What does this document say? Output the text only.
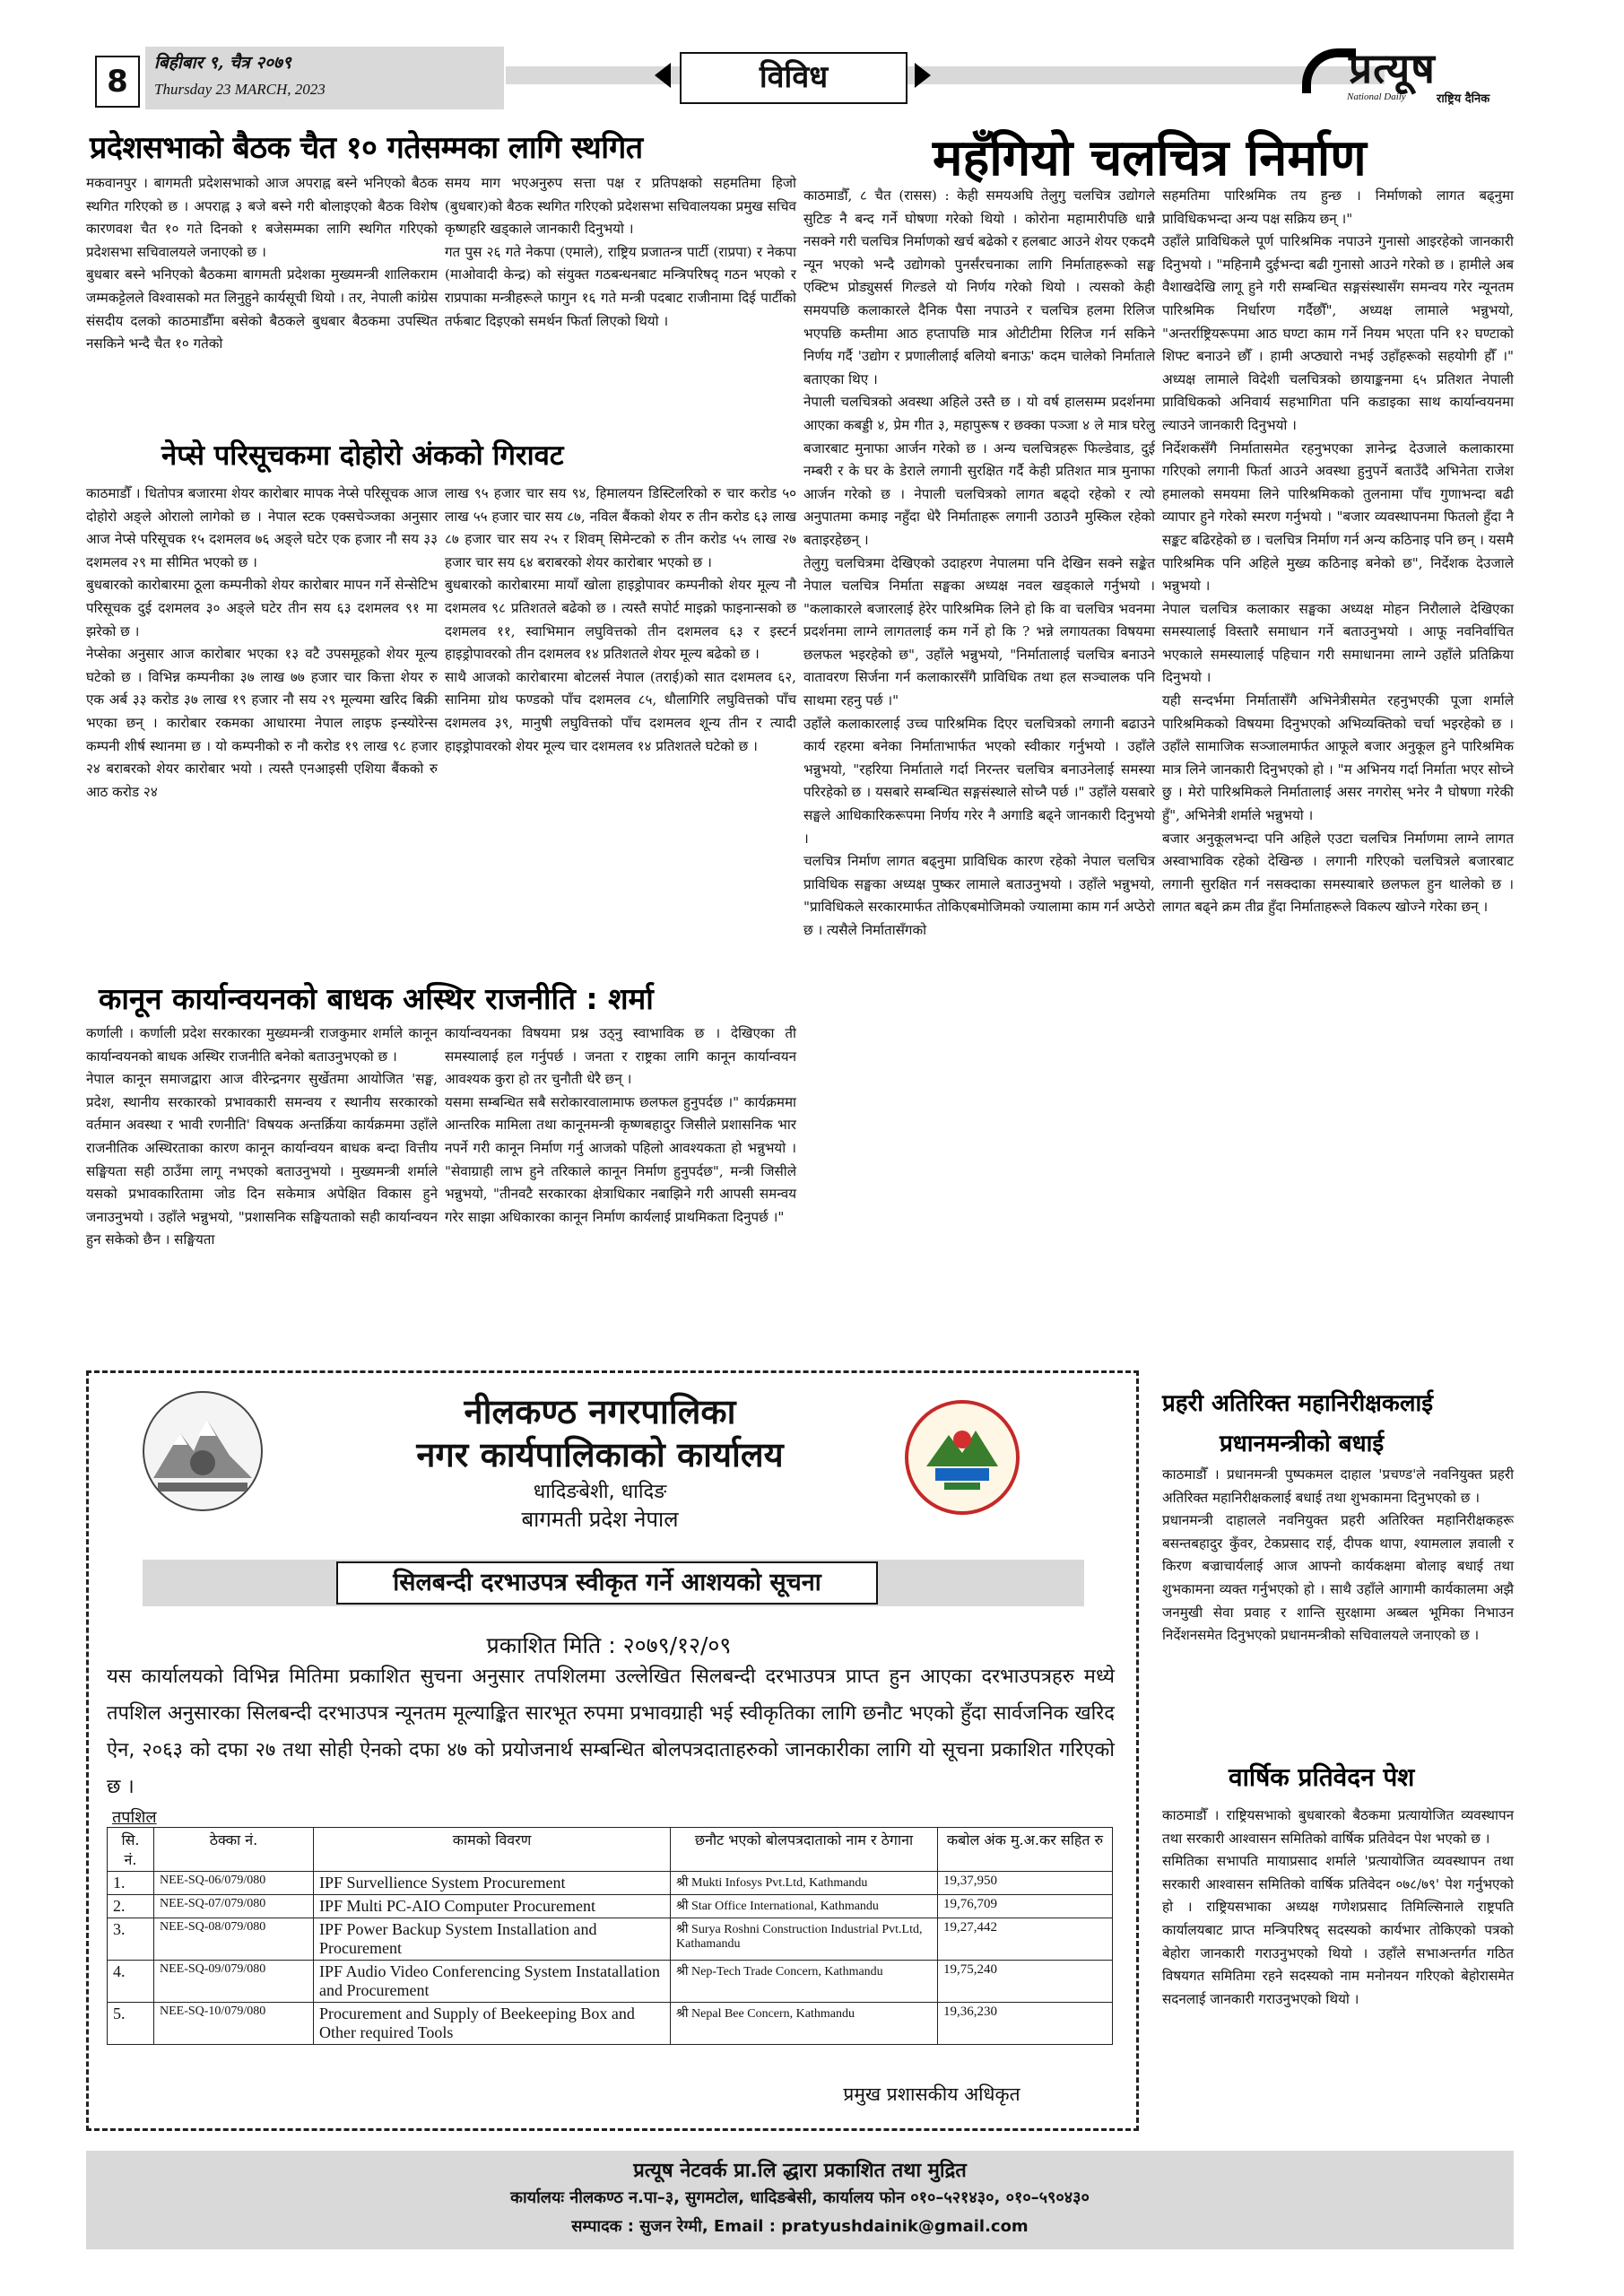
8
बिहीबार ९, चैत्र २०७९
Thursday 23 MARCH, 2023	विविध	प्रत्यूष
National Daily	राष्ट्रिय दैनिक
प्रदेशसभाको बैठक चैत १० गतेसम्मका लागि स्थगित
मकवानपुर । बागमती प्रदेशसभाको आज अपराह्न बस्ने भनिएको बैठक स्थगित गरिएको छ । अपराह्न ३ बजे बस्ने गरी बोलाइएको बैठक विशेष कारणवश चैत १० गते दिनको १ बजेसम्मका लागि स्थगित गरिएको प्रदेशसभा सचिवालयले जनाएको छ ।
बुधबार बस्ने भनिएको बैठकमा बागमती प्रदेशका मुख्यमन्त्री शालिकराम जम्मकट्टेलले विश्वासको मत लिनुहुने कार्यसूची थियो । तर, नेपाली कांग्रेस संसदीय दलको काठमाडौँमा बसेको बैठकले बुधबार बैठकमा उपस्थित नसकिने भन्दै चैत १० गतेको
समय माग भएअनुरुप सत्ता पक्ष र प्रतिपक्षको सहमतिमा हिजो (बुधबार)को बैठक स्थगित गरिएको प्रदेशसभा सचिवालयका प्रमुख सचिव कृष्णहरि खड्काले जानकारी दिनुभयो ।
गत पुस २६ गते नेकपा (एमाले), राष्ट्रिय प्रजातन्त्र पार्टी (राप्रपा) र नेकपा (माओवादी केन्द्र) को संयुक्त गठबन्धनबाट मन्त्रिपरिषद् गठन भएको र राप्रपाका मन्त्रीहरूले फागुन १६ गते मन्त्री पदबाट राजीनामा दिई पार्टीको तर्फबाट दिइएको समर्थन फिर्ता लिएको थियो ।
नेप्से परिसूचकमा दोहोरो अंकको गिरावट
काठमाडौँ । धितोपत्र बजारमा शेयर कारोबार मापक नेप्से परिसूचक आज दोहोरो अङ्ले ओरालो लागेको छ । नेपाल स्टक एक्सचेञ्जका अनुसार आज नेप्से परिसूचक १५ दशमलव ७६ अङ्ले घटेर एक हजार नौ सय ३३ दशमलव २९ मा सीमित भएको छ ।
बुधबारको कारोबारमा ठूला कम्पनीको शेयर कारोबार मापन गर्ने सेन्सेटिभ परिसूचक दुई दशमलव ३० अङ्ले घटेर तीन सय ६३ दशमलव ९१ मा झरेको छ ।
नेप्सेका अनुसार आज कारोबार भएका १३ वटै उपसमूहको शेयर मूल्य घटेको छ । विभिन्न कम्पनीका ३७ लाख ७७ हजार चार कित्ता शेयर रु एक अर्ब ३३ करोड ३७ लाख १९ हजार नौ सय २९ मूल्यमा खरिद बिक्री भएका छन् । कारोबार रकमका आधारमा नेपाल लाइफ इन्स्योरेन्स कम्पनी शीर्ष स्थानमा छ । यो कम्पनीको रु नौ करोड १९ लाख ९८ हजार २४ बराबरको शेयर कारोबार भयो । त्यस्तै एनआइसी एशिया बैंकको रु आठ करोड २४
लाख ९५ हजार चार सय ९४, हिमालयन डिस्टिलरिको रु चार करोड ५० लाख ५५ हजार चार सय ८७, नविल बैंकको शेयर रु तीन करोड ६३ लाख ८७ हजार चार सय २५ र शिवम् सिमेन्टको रु तीन करोड ५५ लाख २७ हजार चार सय ६४ बराबरको शेयर कारोबार भएको छ ।
बुधबारको कारोबारमा मायाँ खोला हाइड्रोपावर कम्पनीको शेयर मूल्य नौ दशमलव ९८ प्रतिशतले बढेको छ । त्यस्तै सपोर्ट माइक्रो फाइनान्सको छ दशमलव ११, स्वाभिमान लघुवित्तको तीन दशमलव ६३ र इस्टर्न हाइड्रोपावरको तीन दशमलव १४ प्रतिशतले शेयर मूल्य बढेको छ ।
साथै आजको कारोबारमा बोटलर्स नेपाल (तराई)को सात दशमलव ६२, सानिमा ग्रोथ फण्डको पाँच दशमलव ८५, धौलागिरि लघुवित्तको पाँच दशमलव ३९, मानुषी लघुवित्तको पाँच दशमलव शून्य तीन र त्यादी हाइड्रोपावरको शेयर मूल्य चार दशमलव १४ प्रतिशतले घटेको छ ।
कानून कार्यान्वयनको बाधक अस्थिर राजनीति : शर्मा
कर्णाली । कर्णाली प्रदेश सरकारका मुख्यमन्त्री राजकुमार शर्माले कानून कार्यान्वयनको बाधक अस्थिर राजनीति बनेको बताउनुभएको छ ।
नेपाल कानून समाजद्वारा आज वीरेन्द्रनगर सुर्खेतमा आयोजित 'सङ्घ, प्रदेश, स्थानीय सरकारको प्रभावकारी समन्वय र स्थानीय सरकारको वर्तमान अवस्था र भावी रणनीति' विषयक अन्तर्क्रिया कार्यक्रममा उहाँले राजनीतिक अस्थिरताका कारण कानून कार्यान्वयन बाधक बन्दा वित्तीय सङ्घियता सही ठाउँमा लागू नभएको बताउनुभयो । मुख्यमन्त्री शर्माले यसको प्रभावकारितामा जोड दिन सकेमात्र अपेक्षित विकास हुने जनाउनुभयो । उहाँले भन्नुभयो, "प्रशासनिक सङ्घियताको सही कार्यान्वयन हुन सकेको छैन । सङ्घियता
कार्यान्वयनका विषयमा प्रश्न उठ्नु स्वाभाविक छ । देखिएका ती समस्यालाई हल गर्नुपर्छ । जनता र राष्ट्रका लागि कानून कार्यान्वयन आवश्यक कुरा हो तर चुनौती धेरै छन् ।
यसमा सम्बन्धित सबै सरोकारवालामाफ छलफल हुनुपर्दछ ।" कार्यक्रममा आन्तरिक मामिला तथा कानूनमन्त्री कृष्णबहादुर जिसीले प्रशासनिक भार नपर्ने गरी कानून निर्माण गर्नु आजको पहिलो आवश्यकता हो भन्नुभयो । "सेवाग्राही लाभ हुने तरिकाले कानून निर्माण हुनुपर्दछ", मन्त्री जिसीले भन्नुभयो, "तीनवटै सरकारका क्षेत्राधिकार नबाझिने गरी आपसी समन्वय गरेर साझा अधिकारका कानून निर्माण कार्यलाई प्राथमिकता दिनुपर्छ ।"
महँगियो चलचित्र निर्माण
काठमाडौँ, ८ चैत (रासस) : केही समयअघि तेलुगु चलचित्र उद्योगले सुटिङ नै बन्द गर्ने घोषणा गरेको थियो । कोरोना महामारीपछि धान्नै नसक्ने गरी चलचित्र निर्माणको खर्च बढेको र हलबाट आउने शेयर एकदमै न्यून भएको भन्दै उद्योगको पुनर्संरचनाका लागि निर्माताहरूको सङ्घ एक्टिभ प्रोड्युसर्स गिल्डले यो निर्णय गरेको थियो । त्यसको केही समयपछि कलाकारले दैनिक पैसा नपाउने र चलचित्र हलमा रिलिज भएपछि कम्तीमा आठ हप्तापछि मात्र ओटीटीमा रिलिज गर्न सकिने निर्णय गर्दै 'उद्योग र प्रणालीलाई बलियो बनाऊ' कदम चालेको निर्माताले बताएका थिए ।
नेपाली चलचित्रको अवस्था अहिले उस्तै छ । यो वर्ष हालसम्म प्रदर्शनमा आएका कबड्डी ४, प्रेम गीत ३, महापुरूष र छक्का पञ्जा ४ ले मात्र घरेलु बजारबाट मुनाफा आर्जन गरेको छ । अन्य चलचित्रहरू फिल्डेवाड, दुई नम्बरी र के घर के डेराले लगानी सुरक्षित गर्दै केही प्रतिशत मात्र मुनाफा आर्जन गरेको छ । नेपाली चलचित्रको लागत बढ्दो रहेको र त्यो अनुपातमा कमाइ नहुँदा धेरै निर्माताहरू लगानी उठाउनै मुस्किल रहेको बताइरहेछन् ।
तेलुगु चलचित्रमा देखिएको उदाहरण नेपालमा पनि देखिन सक्ने सङ्केत नेपाल चलचित्र निर्माता सङ्घका अध्यक्ष नवल खड्काले गर्नुभयो । "कलाकारले बजारलाई हेरेर पारिश्रमिक लिने हो कि वा चलचित्र भवनमा प्रदर्शनमा लाग्ने लागतलाई कम गर्ने हो कि ? भन्ने लगायतका विषयमा छलफल भइरहेको छ", उहाँले भन्नुभयो, "निर्मातालाई चलचित्र बनाउने वातावरण सिर्जना गर्न कलाकारसँगै प्राविधिक तथा हल सञ्चालक पनि साथमा रहनु पर्छ ।"
उहाँले कलाकारलाई उच्च पारिश्रमिक दिएर चलचित्रको लगानी बढाउने कार्य रहरमा बनेका निर्माताभार्फत भएको स्वीकार गर्नुभयो । उहाँले भन्नुभयो, "रहरिया निर्माताले गर्दा निरन्तर चलचित्र बनाउनेलाई समस्या परिरहेको छ । यसबारे सम्बन्धित सङ्गसंस्थाले सोच्नै पर्छ ।" उहाँले यसबारे सङ्घले आधिकारिकरूपमा निर्णय गरेर नै अगाडि बढ्ने जानकारी दिनुभयो ।
चलचित्र निर्माण लागत बढ्नुमा प्राविधिक कारण रहेको नेपाल चलचित्र प्राविधिक सङ्घका अध्यक्ष पुष्कर लामाले बताउनुभयो । उहाँले भन्नुभयो, "प्राविधिकले सरकारमार्फत तोकिएबमोजिमको ज्यालामा काम गर्न अप्ठेरो छ । त्यसैले निर्मातासँगको
सहमतिमा पारिश्रमिक तय हुन्छ । निर्माणको लागत बढ्नुमा प्राविधिकभन्दा अन्य पक्ष सक्रिय छन् ।"
उहाँले प्राविधिकले पूर्ण पारिश्रमिक नपाउने गुनासो आइरहेको जानकारी दिनुभयो । "महिनामै दुईभन्दा बढी गुनासो आउने गरेको छ । हामीले अब वैशाखदेखि लागू हुने गरी सम्बन्धित सङ्गसंस्थासँग समन्वय गरेर न्यूनतम पारिश्रमिक निर्धारण गर्दैछौँ", अध्यक्ष लामाले भन्नुभयो, "अन्तर्राष्ट्रियरूपमा आठ घण्टा काम गर्ने नियम भएता पनि १२ घण्टाको शिफ्ट बनाउने छौँ । हामी अप्ठ्यारो नभई उहाँहरूको सहयोगी हौँ ।" अध्यक्ष लामाले विदेशी चलचित्रको छायाङ्कनमा ६५ प्रतिशत नेपाली प्राविधिकको अनिवार्य सहभागिता पनि कडाइका साथ कार्यान्वयनमा ल्याउने जानकारी दिनुभयो ।
निर्देशकसँगै निर्मातासमेत रहनुभएका ज्ञानेन्द्र देउजाले कलाकारमा गरिएको लगानी फिर्ता आउने अवस्था हुनुपर्ने बताउँदै अभिनेता राजेश हमालको समयमा लिने पारिश्रमिकको तुलनामा पाँच गुणाभन्दा बढी व्यापार हुने गरेको स्मरण गर्नुभयो । "बजार व्यवस्थापनमा फितलो हुँदा नै सङ्कट बढिरहेको छ । चलचित्र निर्माण गर्न अन्य कठिनाइ पनि छन् । यसमै पारिश्रमिक पनि अहिले मुख्य कठिनाइ बनेको छ", निर्देशक देउजाले भन्नुभयो ।
नेपाल चलचित्र कलाकार सङ्घका अध्यक्ष मोहन निरौलाले देखिएका समस्यालाई विस्तारै समाधान गर्ने बताउनुभयो । आफू नवनिर्वाचित भएकाले समस्यालाई पहिचान गरी समाधानमा लाग्ने उहाँले प्रतिक्रिया दिनुभयो ।
यही सन्दर्भमा निर्मातासँगै अभिनेत्रीसमेत रहनुभएकी पूजा शर्माले पारिश्रमिकको विषयमा दिनुभएको अभिव्यक्तिको चर्चा भइरहेको छ । उहाँले सामाजिक सञ्जालमार्फत आफूले बजार अनुकूल हुने पारिश्रमिक मात्र लिने जानकारी दिनुभएको हो । "म अभिनय गर्दा निर्माता भएर सोच्ने छु । मेरो पारिश्रमिकले निर्मातालाई असर नगरोस् भनेर नै घोषणा गरेकी हुँ", अभिनेत्री शर्माले भन्नुभयो ।
बजार अनुकूलभन्दा पनि अहिले एउटा चलचित्र निर्माणमा लाग्ने लागत अस्वाभाविक रहेको देखिन्छ । लगानी गरिएको चलचित्रले बजारबाट लगानी सुरक्षित गर्न नसक्दाका समस्याबारे छलफल हुन थालेको छ । लागत बढ्ने क्रम तीव्र हुँदा निर्माताहरूले विकल्प खोज्ने गरेका छन् ।
प्रहरी अतिरिक्त महानिरीक्षकलाई
प्रधानमन्त्रीको बधाई
काठमाडौँ । प्रधानमन्त्री पुष्पकमल दाहाल 'प्रचण्ड'ले नवनियुक्त प्रहरी अतिरिक्त महानिरीक्षकलाई बधाई तथा शुभकामना दिनुभएको छ ।
प्रधानमन्त्री दाहालले नवनियुक्त प्रहरी अतिरिक्त महानिरीक्षकहरू बसन्तबहादुर कुँवर, टेकप्रसाद राई, दीपक थापा, श्यामलाल ज्ञवाली र किरण बज्राचार्यलाई आज आफ्नो कार्यकक्षमा बोलाइ बधाई तथा शुभकामना व्यक्त गर्नुभएको हो । साथै उहाँले आगामी कार्यकालमा अझै जनमुखी सेवा प्रवाह र शान्ति सुरक्षामा अब्बल भूमिका निभाउन निर्देशनसमेत दिनुभएको प्रधानमन्त्रीको सचिवालयले जनाएको छ ।
वार्षिक प्रतिवेदन पेश
काठमाडौँ । राष्ट्रियसभाको बुधबारको बैठकमा प्रत्यायोजित व्यवस्थापन तथा सरकारी आश्वासन समितिको वार्षिक प्रतिवेदन पेश भएको छ ।
समितिका सभापति मायाप्रसाद शर्माले 'प्रत्यायोजित व्यवस्थापन तथा सरकारी आश्वासन समितिको वार्षिक प्रतिवेदन ०७८/७९' पेश गर्नुभएको हो । राष्ट्रियसभाका अध्यक्ष गणेशप्रसाद तिमिल्सिनाले राष्ट्रपति कार्यालयबाट प्राप्त मन्त्रिपरिषद् सदस्यको कार्यभार तोकिएको पत्रको बेहोरा जानकारी गराउनुभएको थियो । उहाँले सभाअन्तर्गत गठित विषयगत समितिमा रहने सदस्यको नाम मनोनयन गरिएको बेहोरासमेत सदनलाई जानकारी गराउनुभएको थियो ।
नीलकण्ठ नगरपालिका
नगर कार्यपालिकाको कार्यालय
धादिङबेशी, धादिङ
बागमती प्रदेश नेपाल
सिलबन्दी दरभाउपत्र स्वीकृत गर्ने आशयको सूचना
प्रकाशित मिति : २०७९/१२/०९
यस कार्यालयको विभिन्न मितिमा प्रकाशित सुचना अनुसार तपशिलमा उल्लेखित सिलबन्दी दरभाउपत्र प्राप्त हुन आएका दरभाउपत्रहरु मध्ये तपशिल अनुसारका सिलबन्दी दरभाउपत्र न्यूनतम मूल्याङ्कित सारभूत रुपमा प्रभावग्राही भई स्वीकृतिका लागि छनौट भएको हुँदा सार्वजनिक खरिद ऐन, २०६३ को दफा २७ तथा सोही ऐनको दफा ४७ को प्रयोजनार्थ सम्बन्धित बोलपत्रदाताहरुको जानकारीका लागि यो सूचना प्रकाशित गरिएको छ ।
तपशिल
सि. नं.	ठेक्का नं.	कामको विवरण	छनौट भएको बोलपत्रदाताको नाम र ठेगाना	कबोल अंक मु.अ.कर सहित रु
1.	NEE-SQ-06/079/080	IPF Survellience System Procurement	श्री Mukti Infosys Pvt.Ltd, Kathmandu	19,37,950
2.	NEE-SQ-07/079/080	IPF Multi PC-AIO Computer Procurement	श्री Star Office International, Kathmandu	19,76,709
3.	NEE-SQ-08/079/080	IPF Power Backup System Installation and Procurement	श्री Surya Roshni Construction Industrial Pvt.Ltd, Kathamandu	19,27,442
4.	NEE-SQ-09/079/080	IPF Audio Video Conferencing System Instatallation and Procurement	श्री Nep-Tech Trade Concern, Kathmandu	19,75,240
5.	NEE-SQ-10/079/080	Procurement and Supply of Beekeeping Box and Other required Tools	श्री Nepal Bee Concern, Kathmandu	19,36,230
प्रमुख प्रशासकीय अधिकृत
प्रत्यूष नेटवर्क प्रा.लि द्धारा प्रकाशित तथा मुद्रित
कार्यालयः नीलकण्ठ न.पा–३, सुगमटोल, धादिङबेसी, कार्यालय फोन ०१०–५२१४३०, ०१०–५९०४३०
सम्पादक : सुजन रेग्मी, Email : pratyushdainik@gmail.com
